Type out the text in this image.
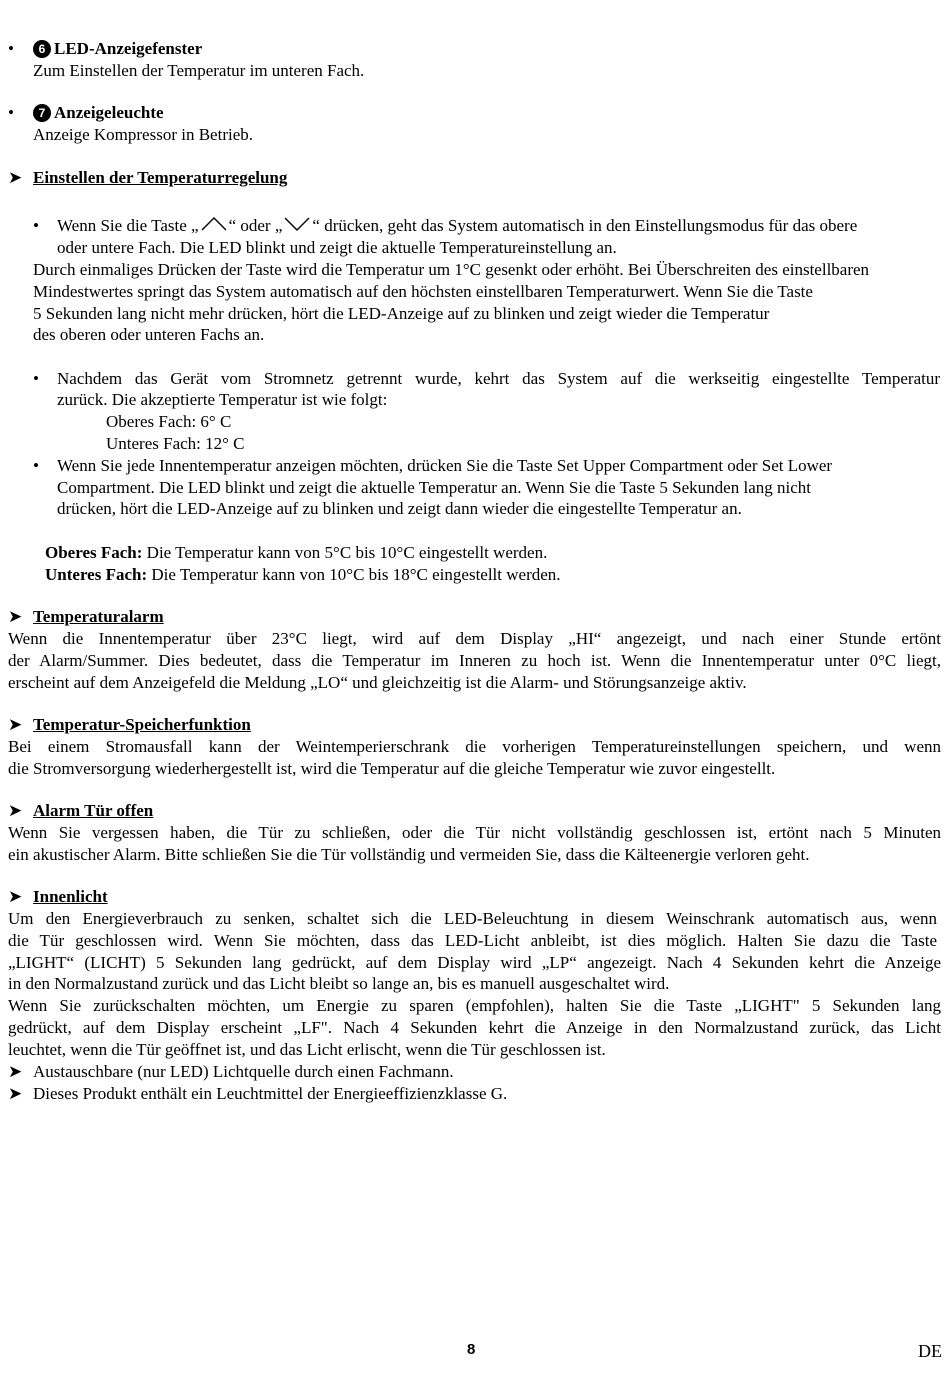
•	6 LED-Anzeigefenster
Zum Einstellen der Temperatur im unteren Fach.
•	7 Anzeigeleuchte
Anzeige Kompressor in Betrieb.
➤ Einstellen der Temperaturregelung
• Wenn Sie die Taste „ “ oder „ “ drücken, geht das System automatisch in den Einstellungsmodus für das obere
oder untere Fach. Die LED blinkt und zeigt die aktuelle Temperatureinstellung an.
Durch einmaliges Drücken der Taste wird die Temperatur um 1°C gesenkt oder erhöht. Bei Überschreiten des einstellbaren
Mindestwertes springt das System automatisch auf den höchsten einstellbaren Temperaturwert. Wenn Sie die Taste
5 Sekunden lang nicht mehr drücken, hört die LED-Anzeige auf zu blinken und zeigt wieder die Temperatur
des oberen oder unteren Fachs an.
• Nachdem das Gerät vom Stromnetz getrennt wurde, kehrt das System auf die werkseitig eingestellte Temperatur
zurück. Die akzeptierte Temperatur ist wie folgt:
Oberes Fach: 6° C
Unteres Fach: 12° C
• Wenn Sie jede Innentemperatur anzeigen möchten, drücken Sie die Taste Set Upper Compartment oder Set Lower
Compartment. Die LED blinkt und zeigt die aktuelle Temperatur an. Wenn Sie die Taste 5 Sekunden lang nicht
drücken, hört die LED-Anzeige auf zu blinken und zeigt dann wieder die eingestellte Temperatur an.
Oberes Fach: Die Temperatur kann von 5°C bis 10°C eingestellt werden.
Unteres Fach: Die Temperatur kann von 10°C bis 18°C eingestellt werden.
➤ Temperaturalarm
Wenn die Innentemperatur über 23°C liegt, wird auf dem Display „HI“ angezeigt, und nach einer Stunde ertönt
der Alarm/Summer. Dies bedeutet, dass die Temperatur im Inneren zu hoch ist. Wenn die Innentemperatur unter 0°C liegt,
erscheint auf dem Anzeigefeld die Meldung „LO“ und gleichzeitig ist die Alarm- und Störungsanzeige aktiv.
➤ Temperatur-Speicherfunktion
Bei einem Stromausfall kann der Weintemperierschrank die vorherigen Temperatureinstellungen speichern, und wenn
die Stromversorgung wiederhergestellt ist, wird die Temperatur auf die gleiche Temperatur wie zuvor eingestellt.
➤ Alarm Tür offen
Wenn Sie vergessen haben, die Tür zu schließen, oder die Tür nicht vollständig geschlossen ist, ertönt nach 5 Minuten
ein akustischer Alarm. Bitte schließen Sie die Tür vollständig und vermeiden Sie, dass die Kälteenergie verloren geht.
➤ Innenlicht
Um den Energieverbrauch zu senken, schaltet sich die LED-Beleuchtung in diesem Weinschrank automatisch aus, wenn
die Tür geschlossen wird. Wenn Sie möchten, dass das LED-Licht anbleibt, ist dies möglich. Halten Sie dazu die Taste
„LIGHT“ (LICHT) 5 Sekunden lang gedrückt, auf dem Display wird „LP“ angezeigt. Nach 4 Sekunden kehrt die Anzeige
in den Normalzustand zurück und das Licht bleibt so lange an, bis es manuell ausgeschaltet wird.
Wenn Sie zurückschalten möchten, um Energie zu sparen (empfohlen), halten Sie die Taste „LIGHT" 5 Sekunden lang
gedrückt, auf dem Display erscheint „LF". Nach 4 Sekunden kehrt die Anzeige in den Normalzustand zurück, das Licht
leuchtet, wenn die Tür geöffnet ist, und das Licht erlischt, wenn die Tür geschlossen ist.
➤ Austauschbare (nur LED) Lichtquelle durch einen Fachmann.
➤ Dieses Produkt enthält ein Leuchtmittel der Energieeffizienzklasse G.
8	DE
